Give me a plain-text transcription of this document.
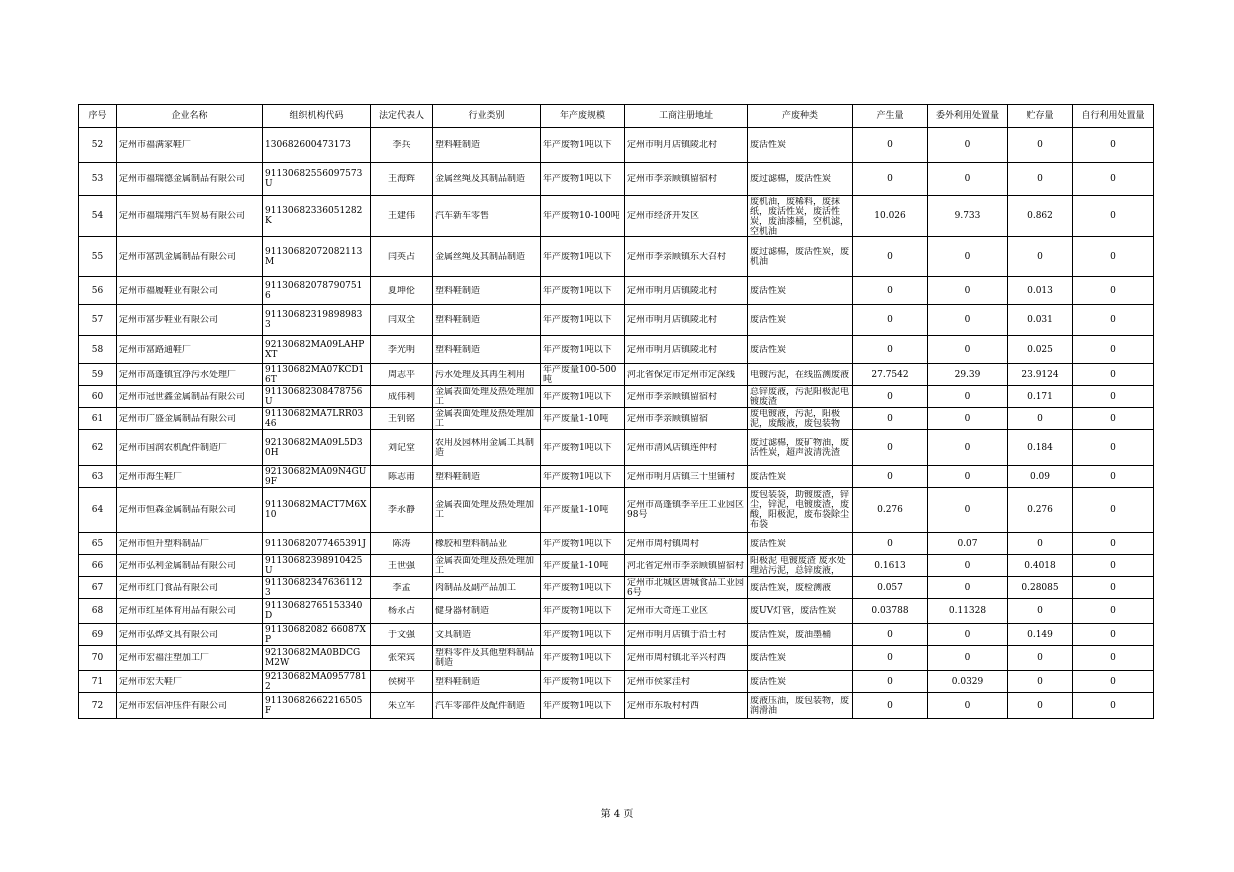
序号	企业名称	组织机构代码	法定代表人	行业类别	年产废规模	工商注册地址	产废种类	产生量	委外利用处置量	贮存量	自行利用处置量

52	定州市福满家鞋厂	130682600473173	李兵	塑料鞋制造	年产废物1吨以下	定州市明月店镇陵北村	废活性炭	0	0	0	0

53	定州市福瑞德金属制品有限公司	91130682556097573U	王海辉	金属丝绳及其制品制造	年产废物1吨以下	定州市李亲顾镇留宿村	废过滤棉，废活性炭	0	0	0	0

54	定州市福瑞翔汽车贸易有限公司	91130682336051282K	王建伟	汽车新车零售	年产废物10-100吨	定州市经济开发区	废机油，废稀料，废抹纸，废活性炭，废活性炭，废油漆桶，空机滤，空机油	10.026	9.733	0.862	0

55	定州市富凯金属制品有限公司	91130682072082113M	闫英占	金属丝绳及其制品制造	年产废物1吨以下	定州市李亲顾镇东大召村	废过滤棉，废活性炭，废机油	0	0	0	0

56	定州市福履鞋业有限公司	91130682078790751 6	夏坤伦	塑料鞋制造	年产废物1吨以下	定州市明月店镇陵北村	废活性炭	0	0	0.013	0

57	定州市富步鞋业有限公司	91130682319898983 3	闫双全	塑料鞋制造	年产废物1吨以下	定州市明月店镇陵北村	废活性炭	0	0	0.031	0

58	定州市富路通鞋厂	92130682MA09LAHPXT	李光明	塑料鞋制造	年产废物1吨以下	定州市明月店镇陵北村	废活性炭	0	0	0.025	0

59	定州市高蓬镇宜净污水处理厂	91130682MA07KCD16T	周志平	污水处理及其再生利用	年产废量100-500吨	河北省保定市定州市定深线	电镀污泥，在线监测废液	27.7542	29.39	23.9124	0

60	定州市冠世鑫金属制品有限公司	91130682308478756U	成伟利	金属表面处理及热处理加工	年产废物1吨以下	定州市李亲顾镇留宿村	总锌废液，污泥阳极泥电镀废渣	0	0	0.171	0

61	定州市广盛金属制品有限公司	91130682MA7LRR0346	王钊铭	金属表面处理及热处理加工	年产废量1-10吨	定州市李亲顾镇留宿	废电镀液，污泥，阳极泥，废酸液，废包装物	0	0	0	0

62	定州市国润农机配件制造厂	92130682MA09L5D30H	刘记堂	农用及园林用金属工具制造	年产废物1吨以下	定州市清风店镇连仲村	废过滤棉，废矿物油，废活性炭，超声波清洗渣	0	0	0.184	0

63	定州市海生鞋厂	92130682MA09N4GU9F	陈志甫	塑料鞋制造	年产废物1吨以下	定州市明月店镇三十里铺村	废活性炭	0	0	0.09	0

64	定州市恒森金属制品有限公司	91130682MACT7M6X10	李永静	金属表面处理及热处理加工	年产废量1-10吨	定州市高蓬镇李辛庄工业园区98号	废包装袋，助镀废渣，锌尘，锌泥，电镀废渣，废酸，阳极泥，废布袋除尘布袋	0.276	0	0.276	0

65	定州市恒升塑料制品厂	91130682077465391J	陈涛	橡胶和塑料制品业	年产废物1吨以下	定州市周村镇周村	废活性炭	0	0.07	0	0

66	定州市弘利金属制品有限公司	91130682398910425U	王世强	金属表面处理及热处理加工	年产废量1-10吨	河北省定州市李亲顾镇留宿村	阳极泥 电镀废渣 废水处理站污泥，总锌废液，	0.1613	0	0.4018	0

67	定州市红门食品有限公司	91130682347636112 3	李孟	肉制品及副产品加工	年产废物1吨以下	定州市北城区唐城食品工业园6号	废活性炭，废检测液	0.057	0	0.28085	0

68	定州市红星体育用品有限公司	91130682765153340D	杨永占	健身器材制造	年产废物1吨以下	定州市大奇连工业区	废UV灯管，废活性炭	0.03788	0.11328	0	0

69	定州市弘烨文具有限公司	91130682082 66087XP	于文强	文具制造	年产废物1吨以下	定州市明月店镇于沿士村	废活性炭，废油墨桶	0	0	0.149	0

70	定州市宏福注塑加工厂	92130682MA0BDCGM2W	张荣宾	塑料零件及其他塑料制品制造	年产废物1吨以下	定州市周村镇北辛兴村西	废活性炭	0	0	0	0

71	定州市宏天鞋厂	92130682MA09577812	侯树平	塑料鞋制造	年产废物1吨以下	定州市侯家洼村	废活性炭	0	0.0329	0	0

72	定州市宏信冲压件有限公司	91130682662216505F	朱立军	汽车零部件及配件制造	年产废物1吨以下	定州市东坂村村西	废液压油，废包装物，废润滑油	0	0	0	0
第 4 页
